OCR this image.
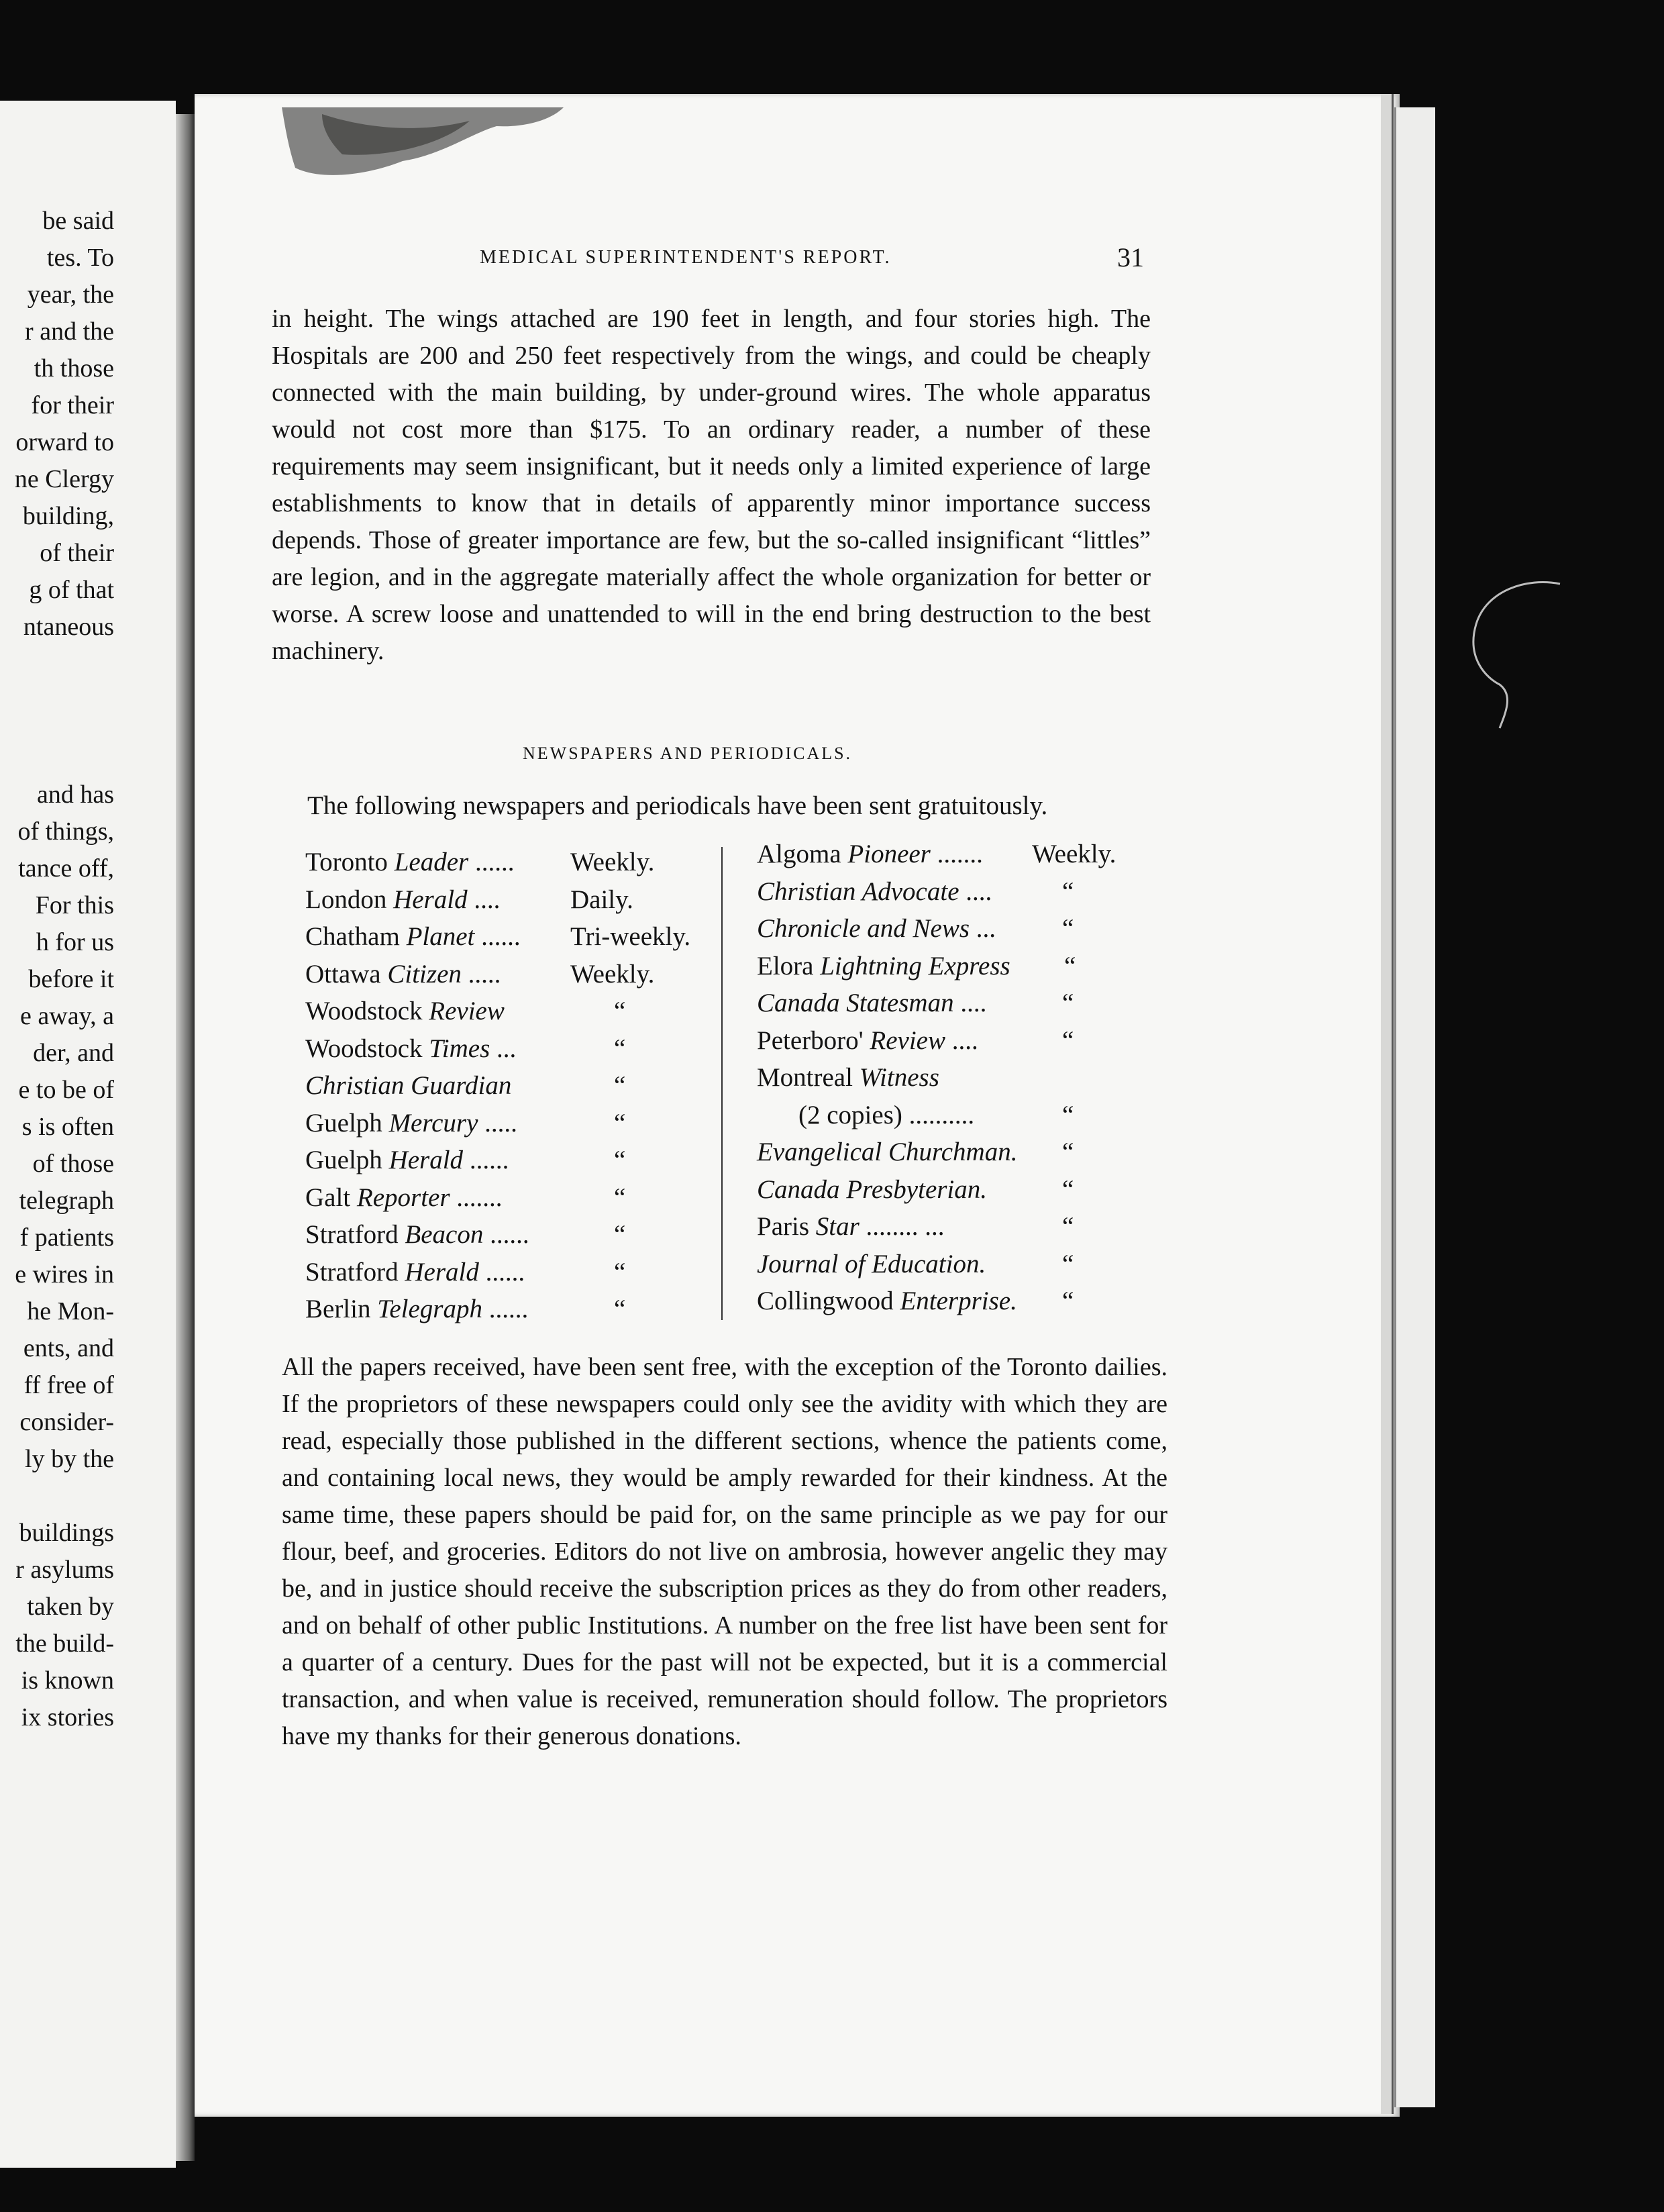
be said
tes. To
year, the
r and the
th those
for their
orward to
ne Clergy
building,
of their
g of that
ntaneous
and has
of things,
tance off,
For this
h for us
before it
e away, a
der, and
e to be of
s is often
of those
telegraph
f patients
e wires in
he Mon-
ents, and
ff free of
consider-
ly by the
buildings
r asylums
taken by
the build-
is known
ix stories
MEDICAL SUPERINTENDENT'S REPORT.	31
in height. The wings attached are 190 feet in length, and four stories high. The Hospitals are 200 and 250 feet respectively from the wings, and could be cheaply connected with the main building, by under-ground wires. The whole apparatus would not cost more than $175. To an ordinary reader, a number of these requirements may seem insignificant, but it needs only a limited experience of large establishments to know that in details of apparently minor importance success depends. Those of greater importance are few, but the so-called insignificant “littles” are legion, and in the aggregate materially affect the whole organization for better or worse. A screw loose and unattended to will in the end bring destruction to the best machinery.
NEWSPAPERS AND PERIODICALS.
The following newspapers and periodicals have been sent gratuitously.
Toronto Leader ...... Weekly.
London Herald ....	Daily.
Chatham Planet ...... Tri-weekly.
Ottawa Citizen .....	Weekly.
Woodstock Review	“
Woodstock Times ...	“
Christian Guardian	“
Guelph Mercury .....	“
Guelph Herald ......	“
Galt Reporter .......	“
Stratford Beacon ......	“
Stratford Herald ......	“
Berlin Telegraph ......	“
Algoma Pioneer ....... Weekly.
Christian Advocate ....	“
Chronicle and News ...	“
Elora Lightning Express “
Canada Statesman ....	“
Peterboro' Review ....	“
Montreal Witness
(2 copies) ..........	“
Evangelical Churchman. “
Canada Presbyterian.	“
Paris Star ........ ...	“
Journal of Education.	“
Collingwood Enterprise. “
All the papers received, have been sent free, with the exception of the Toronto dailies. If the proprietors of these newspapers could only see the avidity with which they are read, especially those published in the different sections, whence the patients come, and containing local news, they would be amply rewarded for their kindness. At the same time, these papers should be paid for, on the same principle as we pay for our flour, beef, and groceries. Editors do not live on ambrosia, however angelic they may be, and in justice should receive the subscription prices as they do from other readers, and on behalf of other public Institutions. A number on the free list have been sent for a quarter of a century. Dues for the past will not be expected, but it is a commercial transaction, and when value is received, remuneration should follow. The proprietors have my thanks for their generous donations.
